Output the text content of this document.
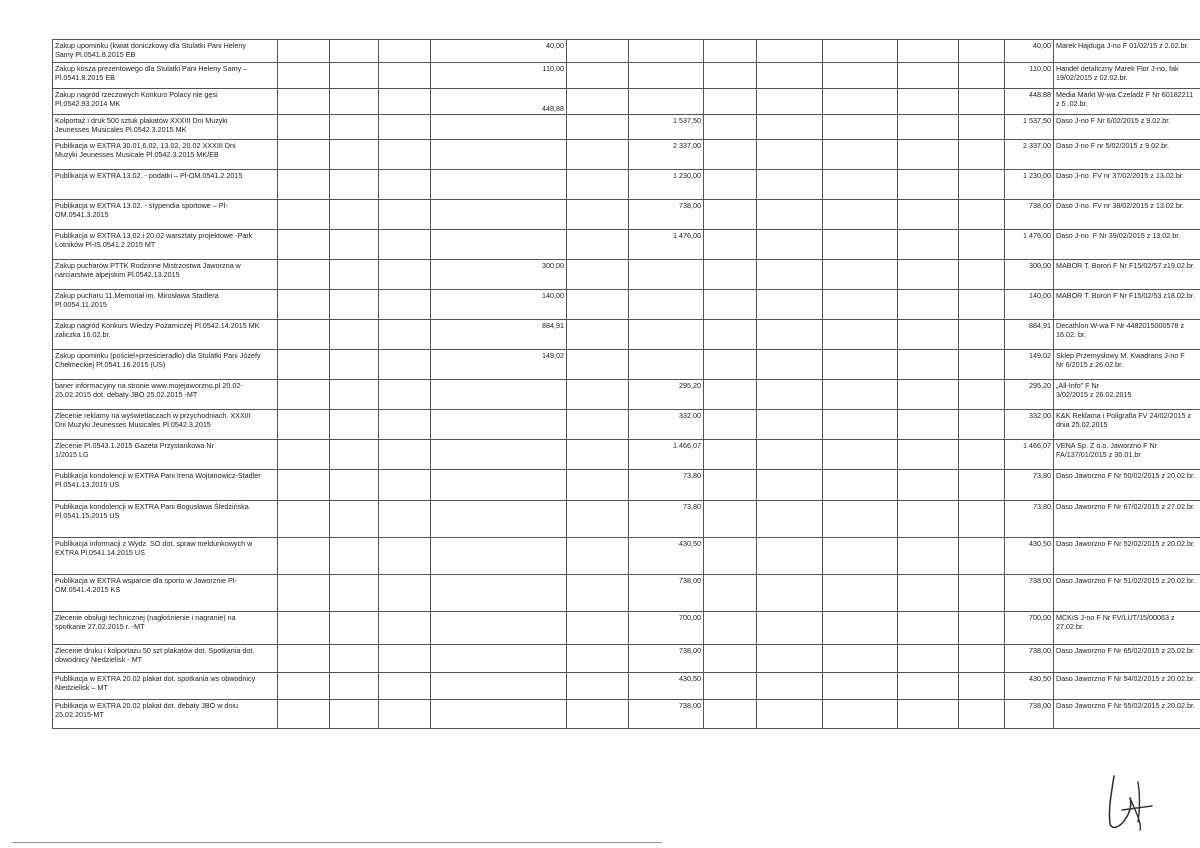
Zakup upominku (kwiat doniczkowy dla Stulatki Pani Heleny
Samy Pl.0541.8.2015 EB				40,00								40,00	Marek Hajduga J-no F 01/02/15 z 2.02.br.
Zakup kosza prezentowego dla Stulatki Pani Heleny Samy –
Pl.0541.8.2015 EB				110,00								110,00	Handel detaliczny Marek Flor J-no, fak
19/02/2015 z 02.02.br.
Zakup nagród rzeczowych Konkurs Polacy nie gęsi
Pl.0542.93.2014 MK				448,88								448,88	Media Markt W-wa Czeladź F Nr 60182211
z 5 .02.br.
Kolportaż i druk 500 sztuk plakatów XXXIII Dni Muzyki
Jeunesses Musicales Pl.0542.3.2015 MK						1 537,50						1 537,50	Daso J-no F Nr 6/02/2015 z 9.02.br.
Publikacja w EXTRA 30.01,6.02, 13.02, 20.02 XXXIII Dni
Muzyki Jeunesses Musicale Pl.0542.3.2015 MK/EB						2 337,00						2 337,00	Daso J-no F nr 5/02/2015 z 9.02.br.
Publikacja w EXTRA 13.02. - podatki – Pl-OM.0541.2.2015						1 230,00						1 230,00	Daso J-no. FV nr 37/02/2015 z 13.02.br.
Publikacja w EXTRA 13.02. - stypendia sportowe – Pl-
OM.0541.3.2015						738,00						738,00	Daso J-no. FV nr 38/02/2015 z 13.02.br.
Publikacja w EXTRA 13.02.i 20.02 warsztaty projektowe -Park
Lotników Pl-IS.0541.2.2015 MT						1 476,00						1 476,00	Daso J-no. F Nr 39/02/2015 z 13.02.br.
Zakup pucharów PTTK Rodzinne Mistrzostwa Jaworzna w
narciarstwie alpejskim Pl.0542.13.2015				300,00								300,00	MABOR T. Boroń F Nr F15/02/57 z19.02.br.
Zakup pucharu 11.Memoriał im. Mirosława Stadlera
Pl.0054.11.2015				140,00								140,00	MABOR T. Boroń F Nr F15/02/53 z18.02.br.
Zakup nagród Konkurs Wiedzy Pożarniczej Pl.0542.14.2015 MK
zaliczka 16.02.br.				884,91								884,91	Decathlon W-wa F Nr 4482015000578 z
16.02. br.
Zakup upominku (pościel+prześcieradło) dla Stulatki Pani Józefy
Chełmeckiej Pl.0541.16.2015 (US)				149,02								149,02	Sklep Przemysłowy M. Kwadrans J-no F
Nr 6/2015 z 26.02.br.
baner informacyjny na stronie www.mojejaworzno.pl 20.02-
25.02.2015 dot. debaty JBO 25.02.2015 -MT						295,20						295,20	„All-Info” F Nr
3/02/2015 z 26.02.2015
Zlecenie reklamy na wyświetlaczach w przychodniach. XXXIII
Dni Muzyki Jeunesses Musicales Pl.0542.3.2015						332,00						332,00	K&K Reklama i Poligrafia FV 24/02/2015 z
dnia 25.02.2015
Zlecenie Pl.0543.1.2015 Gazeta Przystankowa Nr
1/2015 LG						1 466,07						1 466,07	VENA Sp. Z o.o. Jaworzno F Nr
FA/137/01/2015 z 30.01.br
Publikacja kondolencji w EXTRA Pani Irena Wojtanowicz-Stadler
Pl.0541.13.2015 US						73,80						73,80	Daso Jaworzno F Nr 50/02/2015 z 20.02.br.
Publikacja kondolencji w EXTRA Pani Bogusława Śledzińska
Pl.0541.15.2015 US						73,80						73,80	Daso Jaworzno F Nr 67/02/2015 z 27.02.br.
Publikacja informacji z Wydz. SO dot. spraw meldunkowych w
EXTRA Pl.0541.14.2015 US						430,50						430,50	Daso Jaworzno F Nr 52/02/2015 z 20.02.br.
Publikacja w EXTRA wsparcie dla sportu w Jaworznie Pl-
OM.0541.4.2015 KS						738,00						738,00	Daso Jaworzno F Nr 51/02/2015 z 20.02.br.
Zlecenie obsługi technicznej (nagłośnienie i nagranie) na
spotkanie 27.02.2015 r. -MT						700,00						700,00	MCKiS J-no F Nr FV/LUT/15/00063 z
27.02.br.
Zlecenie druku i kolportażu 50 szt plakatów dot. Spotkania dot.
obwodnicy Niedzielisk - MT						738,00						738,00	Daso Jaworzno F Nr 65/02/2015 z 25.02.br.
Publikacja w EXTRA 20.02 plakat dot. spotkania ws obwodnicy
Niedzielisk – MT						430,50						430,50	Daso Jaworzno F Nr 54/02/2015 z 20.02.br.
Publikacja w EXTRA 20.02 plakat dot. debaty JBO w dniu
25.02.2015-MT						738,00						738,00	Daso Jaworzno F Nr 55/02/2015 z 20.02.br.
